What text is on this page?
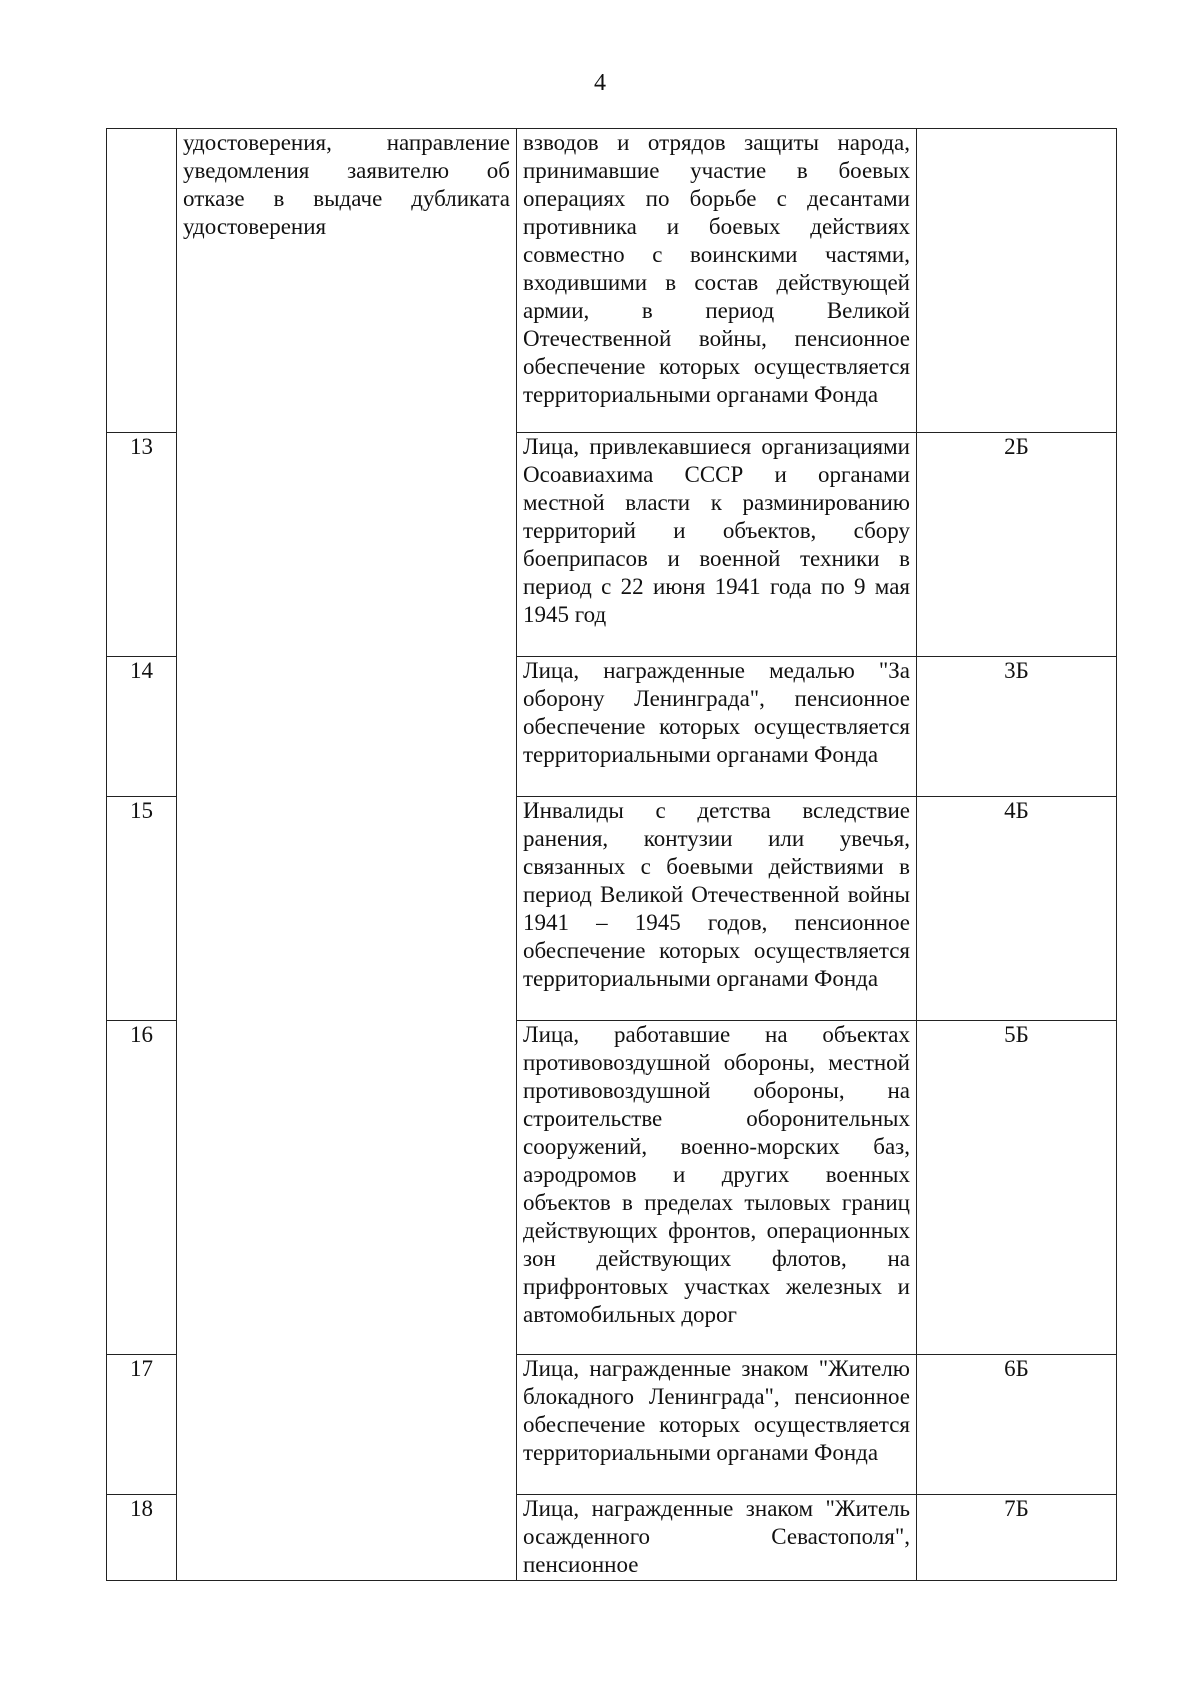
4
	удостоверения, направление уведомления заявителю об отказе в выдаче дубликата удостоверения	взводов и отрядов защиты народа, принимавшие участие в боевых операциях по борьбе с десантами противника и боевых действиях совместно с воинскими частями, входившими в состав действующей армии, в период Великой Отечественной войны, пенсионное обеспечение которых осуществляется территориальными органами Фонда	
13		Лица, привлекавшиеся организациями Осоавиахима СССР и органами местной власти к разминированию территорий и объектов, сбору боеприпасов и военной техники в период с 22 июня 1941 года по 9 мая 1945 год	2Б
14		Лица, награжденные медалью "За оборону Ленинграда", пенсионное обеспечение которых осуществляется территориальными органами Фонда	3Б
15		Инвалиды с детства вследствие ранения, контузии или увечья, связанных с боевыми действиями в период Великой Отечественной войны 1941 – 1945 годов, пенсионное обеспечение которых осуществляется территориальными органами Фонда	4Б
16		Лица, работавшие на объектах противовоздушной обороны, местной противовоздушной обороны, на строительстве оборонительных сооружений, военно-морских баз, аэродромов и других военных объектов в пределах тыловых границ действующих фронтов, операционных зон действующих флотов, на прифронтовых участках железных и автомобильных дорог	5Б
17		Лица, награжденные знаком "Жителю блокадного Ленинграда", пенсионное обеспечение которых осуществляется территориальными органами Фонда	6Б
18		Лица, награжденные знаком "Житель осажденного Севастополя", пенсионное	7Б
